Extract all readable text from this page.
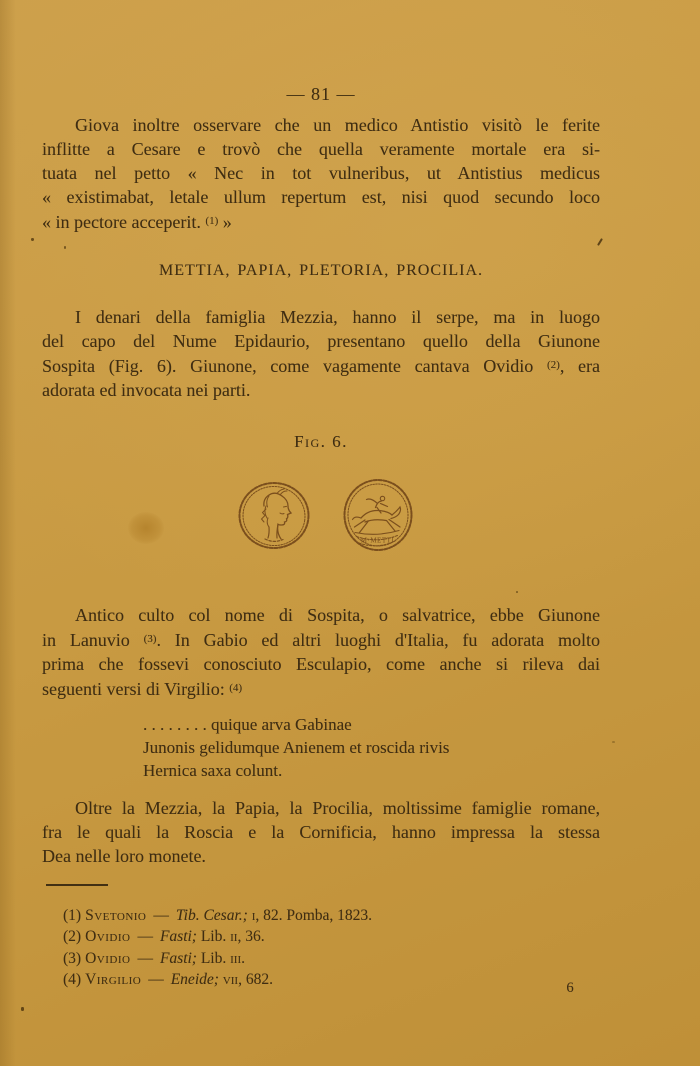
— 81 —
Giova inoltre osservare che un medico Antistio visitò le ferite
inflitte a Cesare e trovò che quella veramente mortale era si-
tuata nel petto « Nec in tot vulneribus, ut Antistius medicus
« existimabat, letale ullum repertum est, nisi quod secundo loco
« in pectore acceperit. $^{(1)}$ »
METTIA, PAPIA, PLETORIA, PROCILIA.
I denari della famiglia Mezzia, hanno il serpe, ma in luogo
del capo del Nume Epidaurio, presentano quello della Giunone
Sospita (Fig. 6). Giunone, come vagamente cantava Ovidio $^{(2)}$, era
adorata ed invocata nei parti.
Fig. 6.
M·METTI
Antico culto col nome di Sospita, o salvatrice, ebbe Giunone
in Lanuvio $^{(3)}$. In Gabio ed altri luoghi d'Italia, fu adorata molto
prima che fossevi conosciuto Esculapio, come anche si rileva dai
seguenti versi di Virgilio: $^{(4)}$
. . . . . . . . quique arva Gabinae
Junonis gelidumque Anienem et roscida rivis
Hernica saxa colunt.
Oltre la Mezzia, la Papia, la Procilia, moltissime famiglie romane,
fra le quali la Roscia e la Cornificia, hanno impressa la stessa
Dea nelle loro monete.
(1) Svetonio — Tib. Cesar.; i, 82. Pomba, 1823.
(2) Ovidio — Fasti; Lib. ii, 36.
(3) Ovidio — Fasti; Lib. iii.
(4) Virgilio — Eneide; vii, 682.
6
